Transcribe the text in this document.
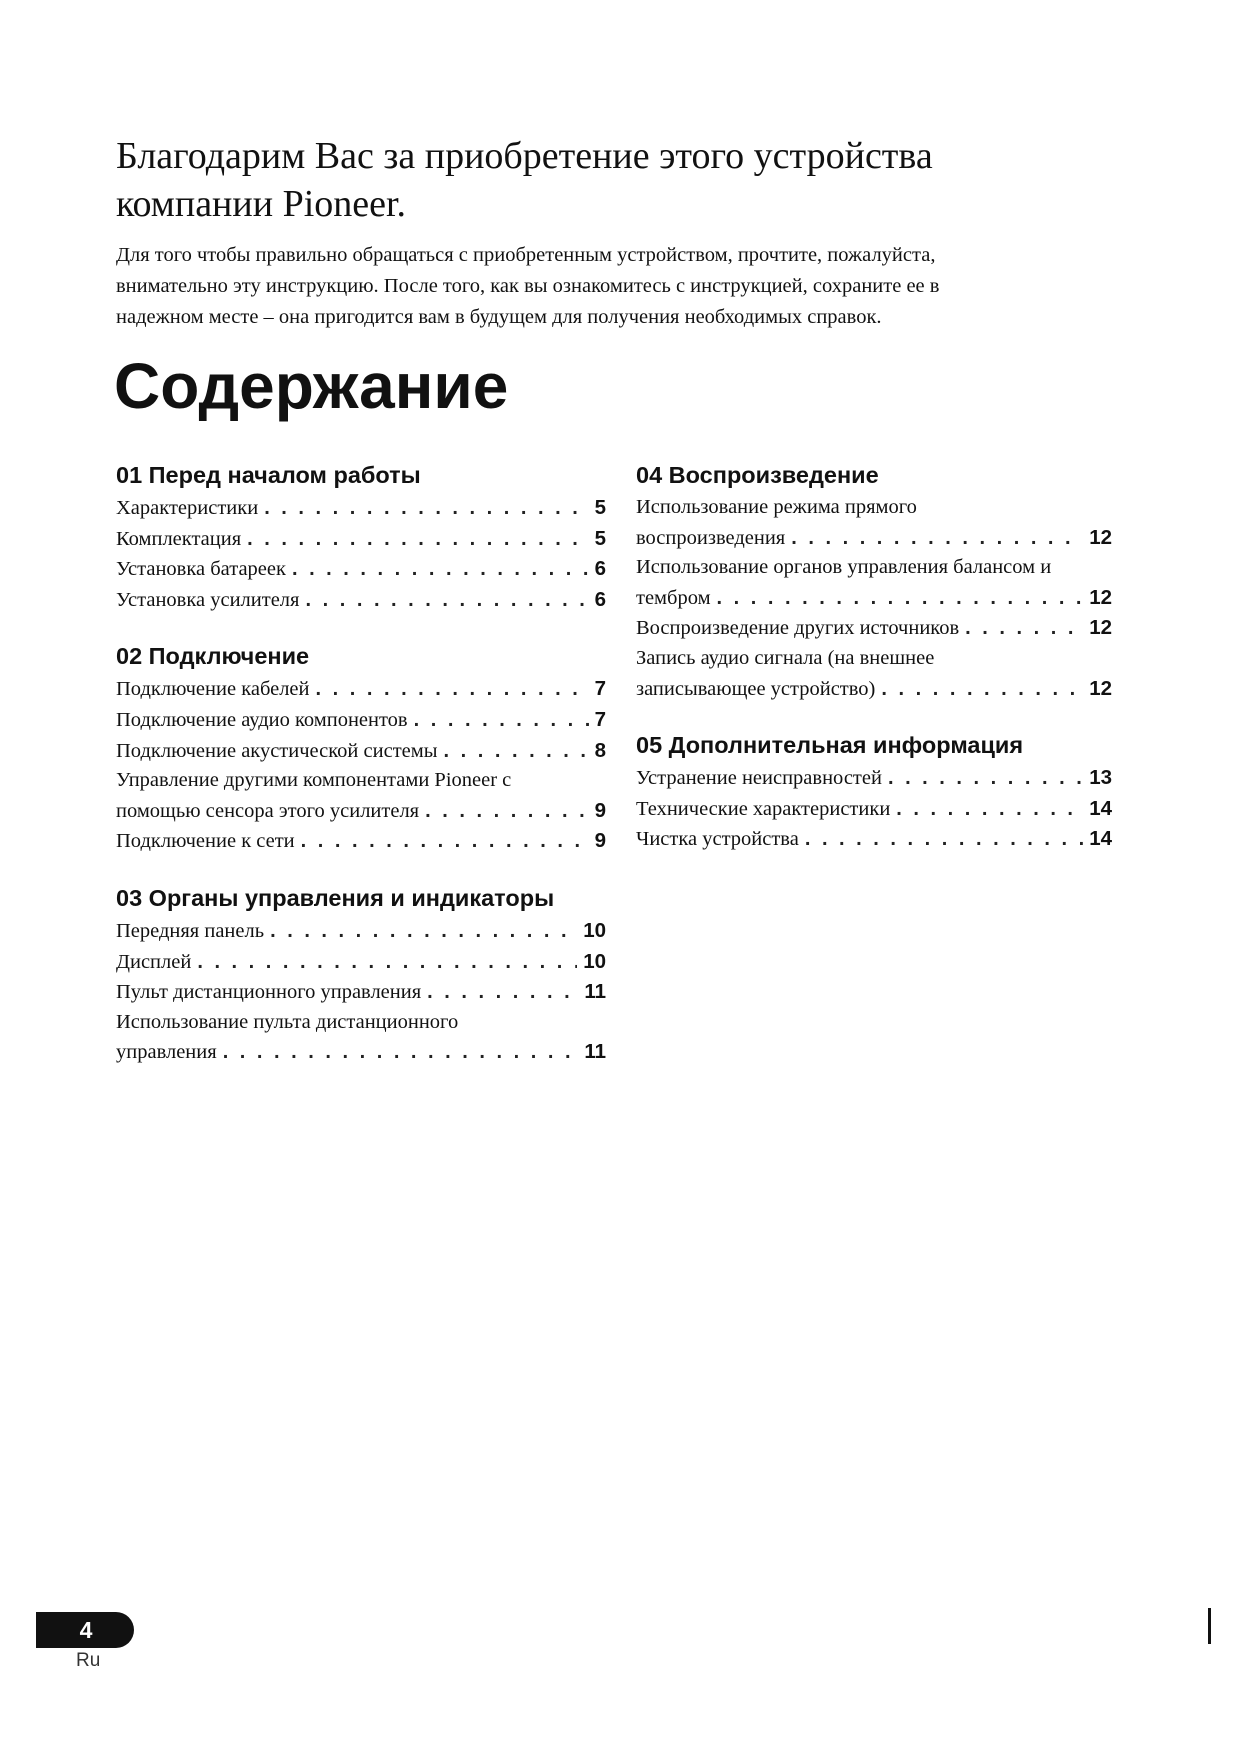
Благодарим Вас за приобретение этого устройства
компании Pioneer.

Для того чтобы правильно обращаться с приобретенным устройством, прочтите, пожалуйста,
внимательно эту инструкцию. После того, как вы ознакомитесь с инструкцией, сохраните ее в
надежном месте – она пригодится вам в будущем для получения необходимых справок.

Содержание
01 Перед началом работы
Характеристики . . .	5
Комплектация . . .	5
Установка батареек . . .	6
Установка усилителя . . .	6
02 Подключение
Подключение кабелей . . .	7
Подключение аудио компонентов . . .	7
Подключение акустической системы . . .	8
Управление другими компонентами Pioneer с
помощью сенсора этого усилителя . . .	9
Подключение к сети . . .	9
03 Органы управления и индикаторы
Передняя панель . . .	10
Дисплей . . .	10
Пульт дистанционного управления . . .	11
Использование пульта дистанционного
управления . . .	11
04 Воспроизведение
Использование режима прямого
воспроизведения . . .	12
Использование органов управления балансом и
тембром . . .	12
Воспроизведение других источников . . .	12
Запись аудио сигнала (на внешнее
записывающее устройство) . . .	12
05 Дополнительная информация
Устранение неисправностей . . .	13
Технические характеристики . . .	14
Чистка устройства . . .	14
4
Ru
